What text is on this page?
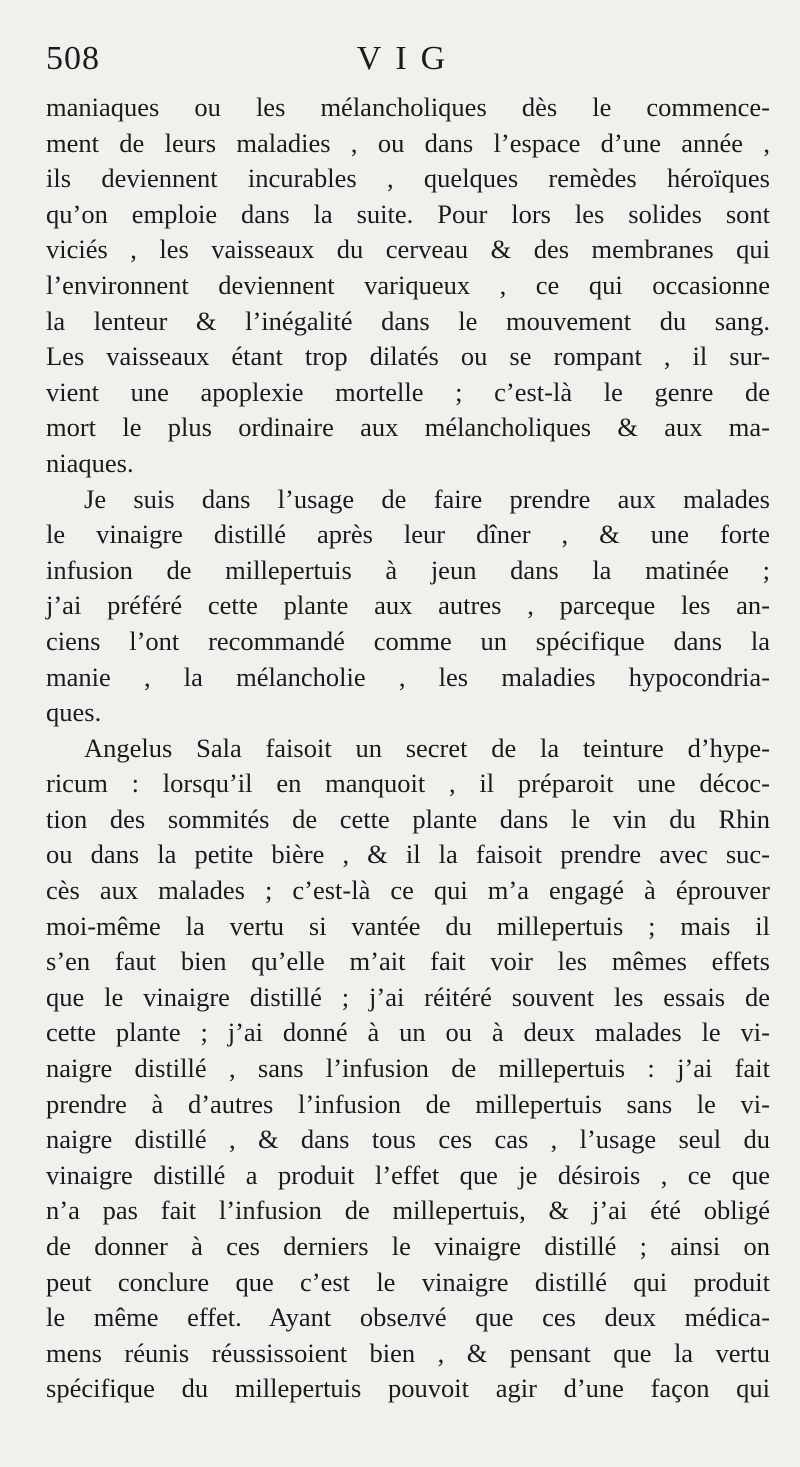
508	VIG
maniaques ou les mélancholiques dès le commence-
ment de leurs maladies , ou dans l’espace d’une année ,
ils deviennent incurables , quelques remèdes héroïques
qu’on emploie dans la suite. Pour lors les solides sont
viciés , les vaisseaux du cerveau & des membranes qui
l’environnent deviennent variqueux , ce qui occasionne
la lenteur & l’inégalité dans le mouvement du sang.
Les vaisseaux étant trop dilatés ou se rompant , il sur-
vient une apoplexie mortelle ; c’est-là le genre de
mort le plus ordinaire aux mélancholiques & aux ma-
niaques.
Je suis dans l’usage de faire prendre aux malades
le vinaigre distillé après leur dîner , & une forte
infusion de millepertuis à jeun dans la matinée ;
j’ai préféré cette plante aux autres , parceque les an-
ciens l’ont recommandé comme un spécifique dans la
manie , la mélancholie , les maladies hypocondria-
ques.
Angelus Sala faisoit un secret de la teinture d’hype-
ricum : lorsqu’il en manquoit , il préparoit une décoc-
tion des sommités de cette plante dans le vin du Rhin
ou dans la petite bière , & il la faisoit prendre avec suc-
cès aux malades ; c’est-là ce qui m’a engagé à éprouver
moi-même la vertu si vantée du millepertuis ; mais il
s’en faut bien qu’elle m’ait fait voir les mêmes effets
que le vinaigre distillé ; j’ai réitéré souvent les essais de
cette plante ; j’ai donné à un ou à deux malades le vi-
naigre distillé , sans l’infusion de millepertuis : j’ai fait
prendre à d’autres l’infusion de millepertuis sans le vi-
naigre distillé , & dans tous ces cas , l’usage seul du
vinaigre distillé a produit l’effet que je désirois , ce que
n’a pas fait l’infusion de millepertuis, & j’ai été obligé
de donner à ces derniers le vinaigre distillé ; ainsi on
peut conclure que c’est le vinaigre distillé qui produit
le même effet. Ayant obseлvé que ces deux médica-
mens réunis réussissoient bien , & pensant que la vertu
spécifique du millepertuis pouvoit agir d’une façon qui
